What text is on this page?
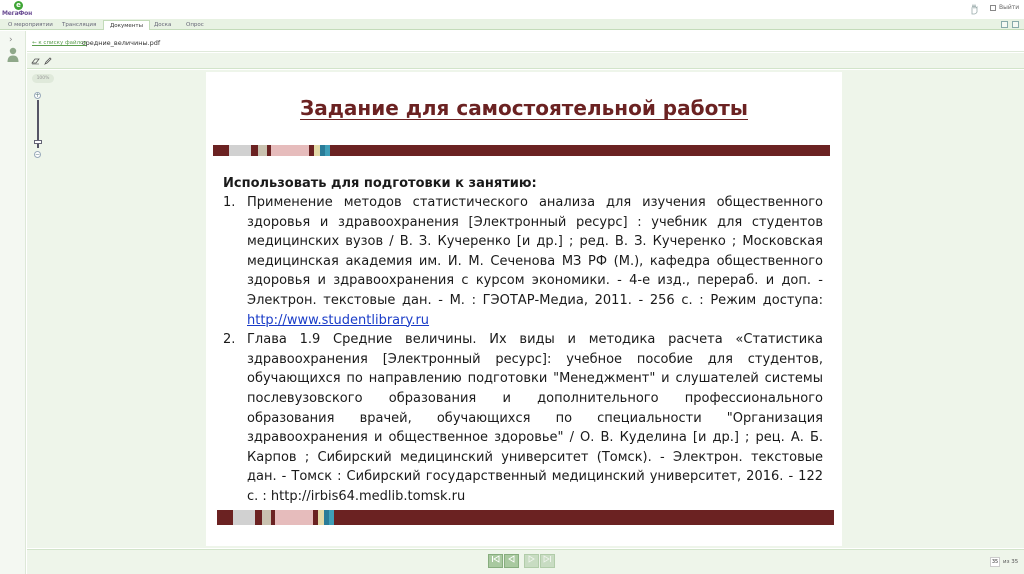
e
МегаФон
Выйти
О мероприятии	Трансляция	Документы	Доска	Опрос
›	← к списку файлов
средние_величины.pdf
100%
+
−
Задание для самостоятельной работы
Использовать для подготовки к занятию:
1. Применение методов статистического анализа для изучения общественного здоровья и здравоохранения [Электронный ресурс] : учебник для студентов медицинских вузов / В. З. Кучеренко [и др.] ; ред. В. З. Кучеренко ; Московская медицинская академия им. И. М. Сеченова МЗ РФ (М.), кафедра общественного здоровья и здравоохранения с курсом экономики. - 4-е изд., перераб. и доп. - Электрон. текстовые дан. - М. : ГЭОТАР-Медиа, 2011. - 256 с. : Режим доступа: http://www.studentlibrary.ru
2. Глава 1.9 Средние величины. Их виды и методика расчета «Статистика здравоохранения [Электронный ресурс]: учебное пособие для студентов, обучающихся по направлению подготовки "Менеджмент" и слушателей системы послевузовского образования и дополнительного профессионального образования врачей, обучающихся по специальности "Организация здравоохранения и общественное здоровье" / О. В. Куделина [и др.] ; рец. А. Б. Карпов ; Сибирский медицинский университет (Томск). - Электрон. текстовые дан. - Томск : Сибирский государственный медицинский университет, 2016. - 122 с. : http://irbis64.medlib.tomsk.ru
35 из 35
